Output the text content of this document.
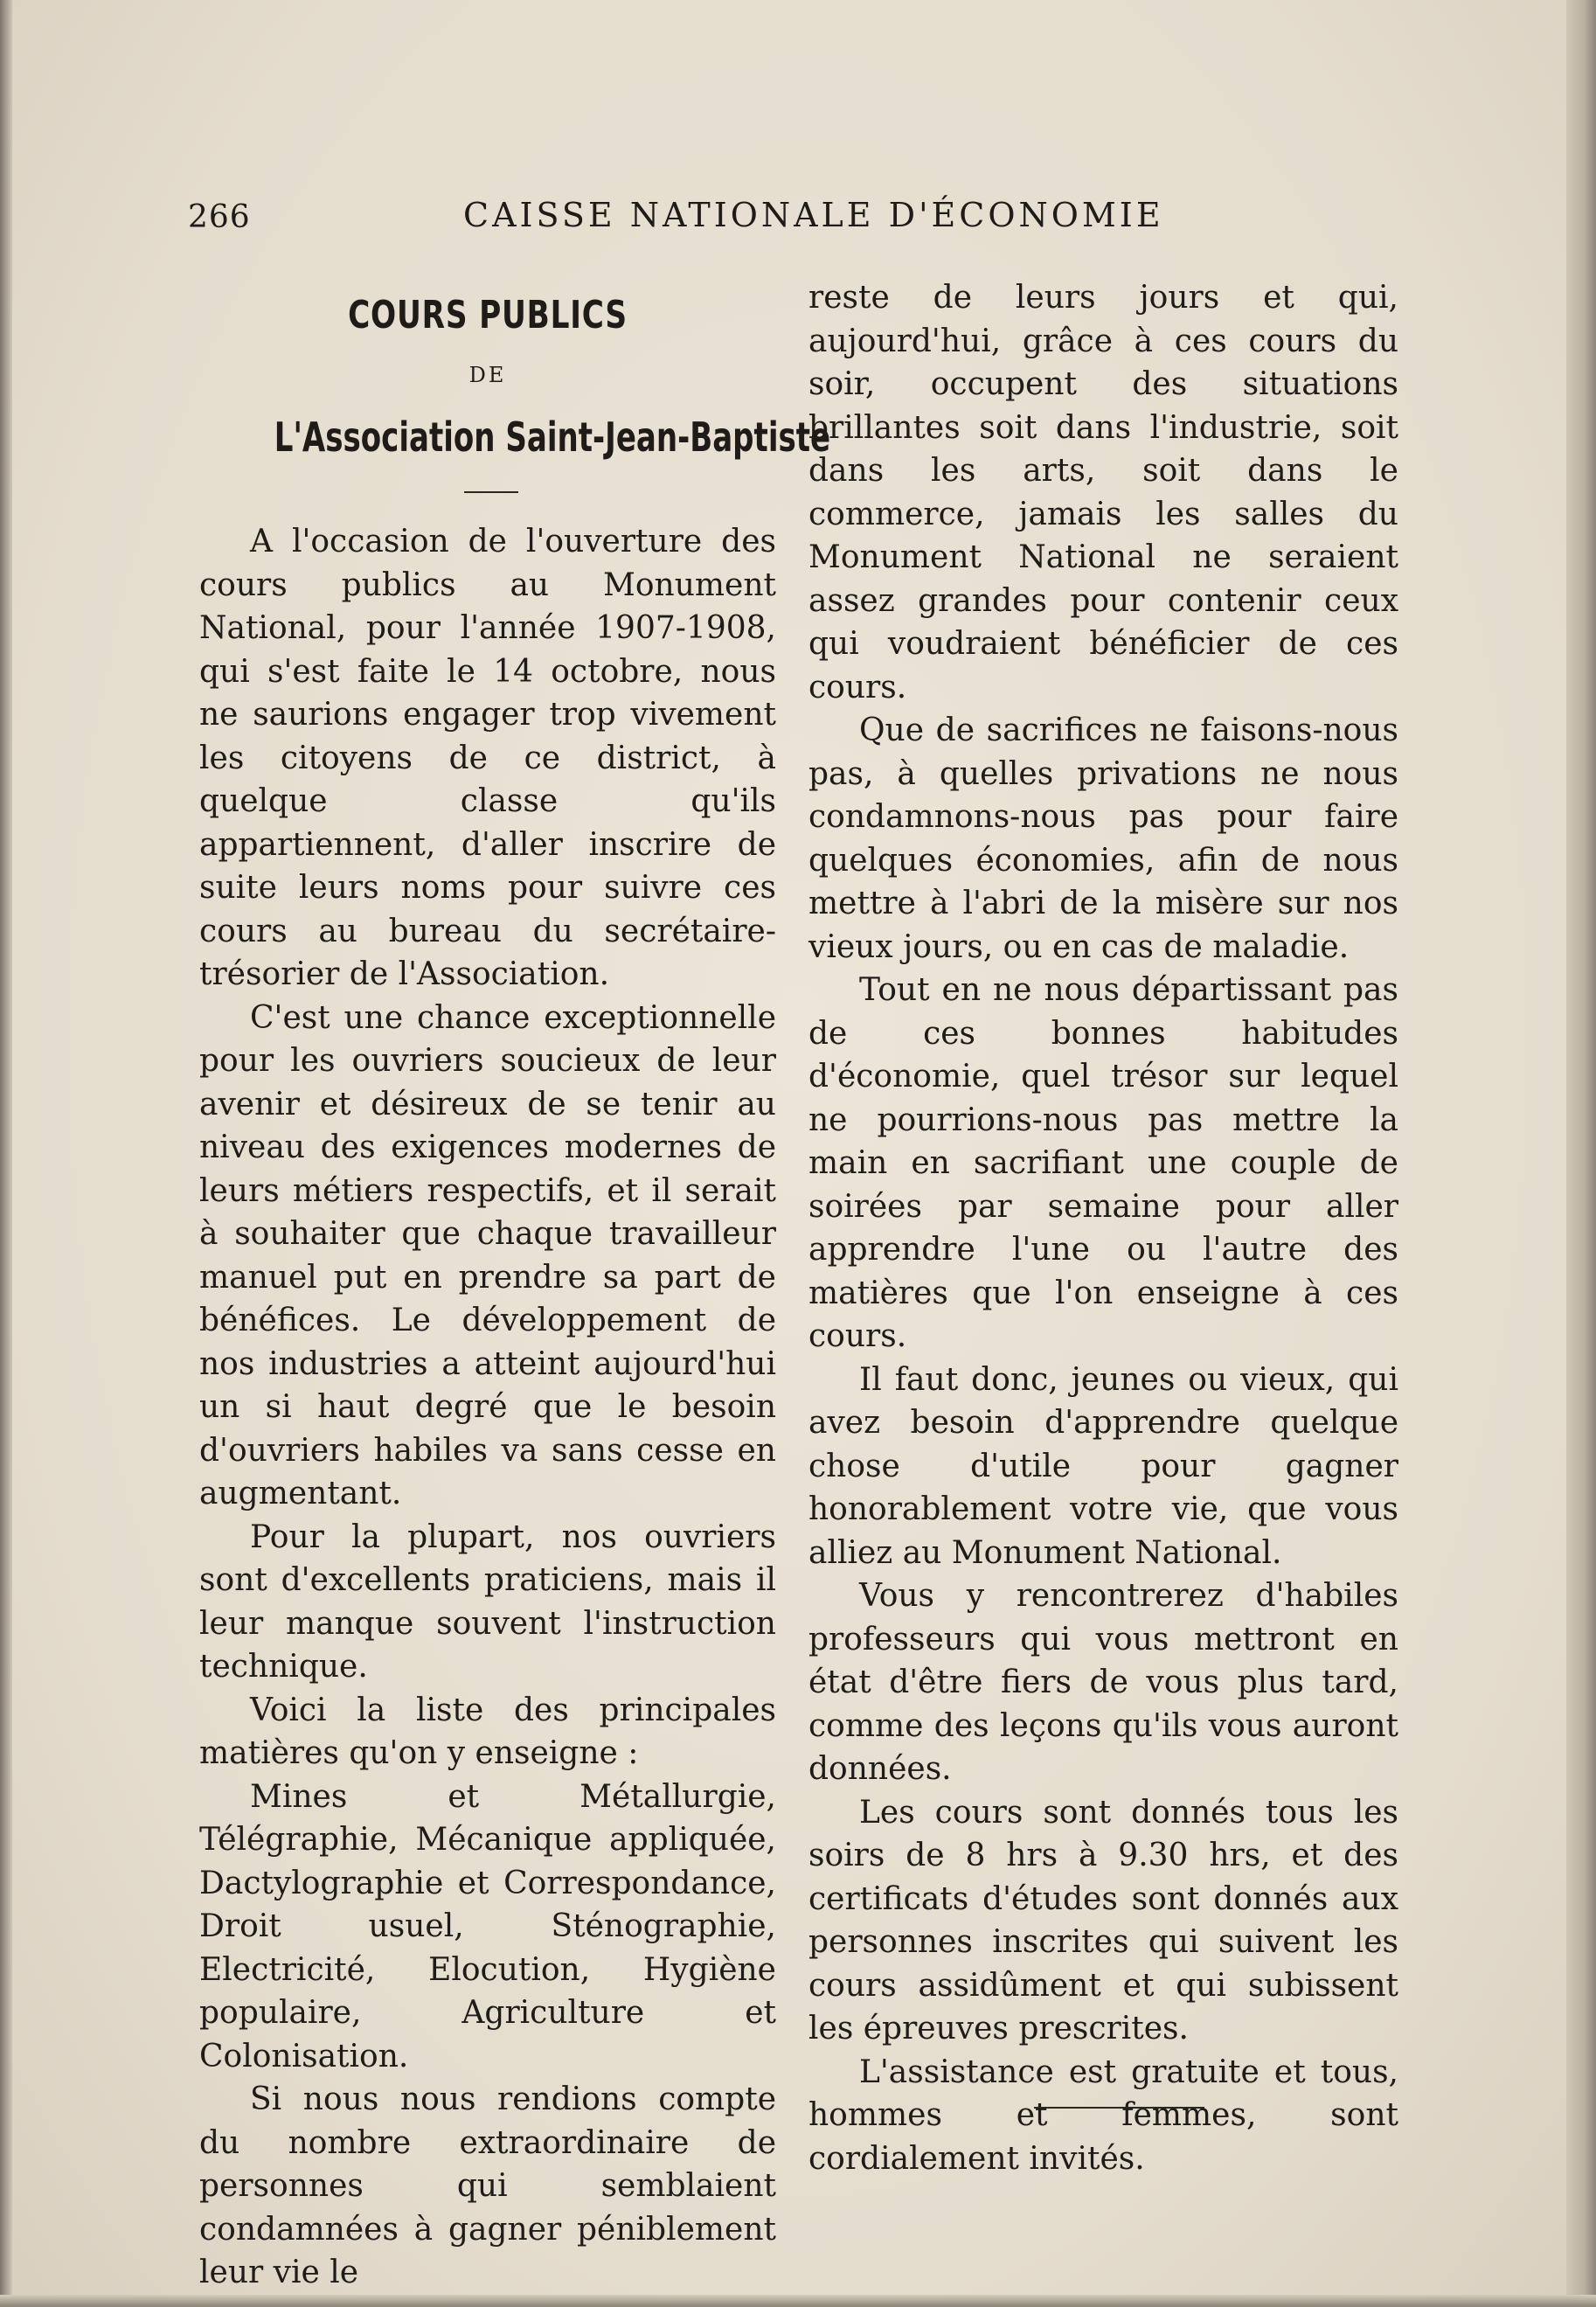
266	CAISSE NATIONALE D'ÉCONOMIE
COURS PUBLICS
DE
L'Association Saint-Jean-Baptiste

A l'occasion de l'ouverture des cours publics au Monument National, pour l'année 1907-1908, qui s'est faite le 14 octobre, nous ne saurions engager trop vivement les citoyens de ce district, à quelque classe qu'ils appartiennent, d'aller inscrire de suite leurs noms pour suivre ces cours au bureau du secrétaire-trésorier de l'Association.

C'est une chance exceptionnelle pour les ouvriers soucieux de leur avenir et désireux de se tenir au niveau des exigences modernes de leurs métiers respectifs, et il serait à souhaiter que chaque travailleur manuel put en prendre sa part de bénéfices. Le développement de nos industries a atteint aujourd'hui un si haut degré que le besoin d'ouvriers habiles va sans cesse en augmentant.

Pour la plupart, nos ouvriers sont d'excellents praticiens, mais il leur manque souvent l'instruction technique.

Voici la liste des principales matières qu'on y enseigne :

Mines et Métallurgie, Télégraphie, Mécanique appliquée, Dactylographie et Correspondance, Droit usuel, Sténographie, Electricité, Elocution, Hygiène populaire, Agriculture et Colonisation.

Si nous nous rendions compte du nombre extraordinaire de personnes qui semblaient condamnées à gagner péniblement leur vie le

reste de leurs jours et qui, aujourd'hui, grâce à ces cours du soir, occupent des situations brillantes soit dans l'industrie, soit dans les arts, soit dans le commerce, jamais les salles du Monument National ne seraient assez grandes pour contenir ceux qui voudraient bénéficier de ces cours.

Que de sacrifices ne faisons-nous pas, à quelles privations ne nous condamnons-nous pas pour faire quelques économies, afin de nous mettre à l'abri de la misère sur nos vieux jours, ou en cas de maladie.

Tout en ne nous départissant pas de ces bonnes habitudes d'économie, quel trésor sur lequel ne pourrions-nous pas mettre la main en sacrifiant une couple de soirées par semaine pour aller apprendre l'une ou l'autre des matières que l'on enseigne à ces cours.

Il faut donc, jeunes ou vieux, qui avez besoin d'apprendre quelque chose d'utile pour gagner honorablement votre vie, que vous alliez au Monument National.

Vous y rencontrerez d'habiles professeurs qui vous mettront en état d'être fiers de vous plus tard, comme des leçons qu'ils vous auront données.

Les cours sont donnés tous les soirs de 8 hrs à 9.30 hrs, et des certificats d'études sont donnés aux personnes inscrites qui suivent les cours assidûment et qui subissent les épreuves prescrites.

L'assistance est gratuite et tous, hommes et femmes, sont cordialement invités.
